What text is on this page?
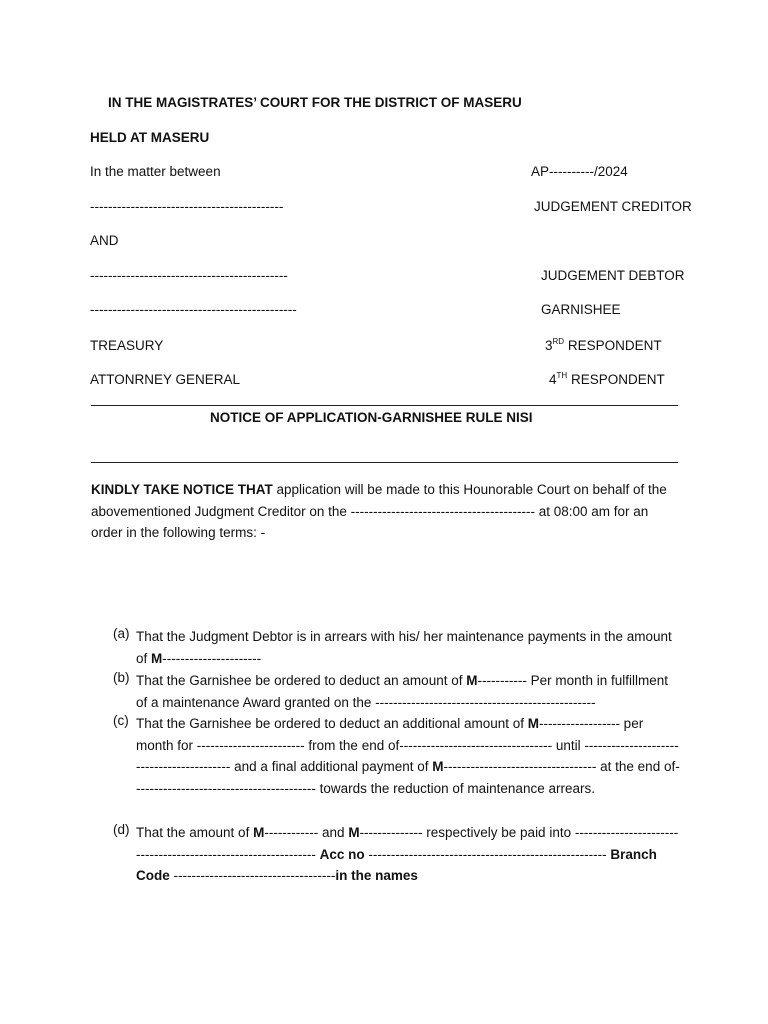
IN THE MAGISTRATES’ COURT FOR THE DISTRICT OF MASERU
HELD AT MASERU
In the matter between	AP----------/2024
-------------------------------------------	JUDGEMENT CREDITOR
AND
--------------------------------------------	JUDGEMENT DEBTOR
----------------------------------------------	GARNISHEE
TREASURY	3RD RESPONDENT
ATTONRNEY GENERAL	4TH RESPONDENT
NOTICE OF APPLICATION-GARNISHEE RULE NISI
KINDLY TAKE NOTICE THAT application will be made to this Hounorable Court on behalf of the abovementioned Judgment Creditor on the ----------------------------------------- at 08:00 am for an order in the following terms: -
(a) That the Judgment Debtor is in arrears with his/ her maintenance payments in the amount of M----------------------
(b) That the Garnishee be ordered to deduct an amount of M----------- Per month in fulfillment of a maintenance Award granted on the -------------------------------------------------
(c) That the Garnishee be ordered to deduct an additional amount of M------------------ per month for ------------------------ from the end of---------------------------------- until ------------------------------------------ and a final additional payment of M---------------------------------- at the end of----------------------------------------- towards the reduction of maintenance arrears.
(d) That the amount of M------------ and M-------------- respectively be paid into --------------------------------------------------------------- Acc no ----------------------------------------------------- Branch Code ------------------------------------in the names
